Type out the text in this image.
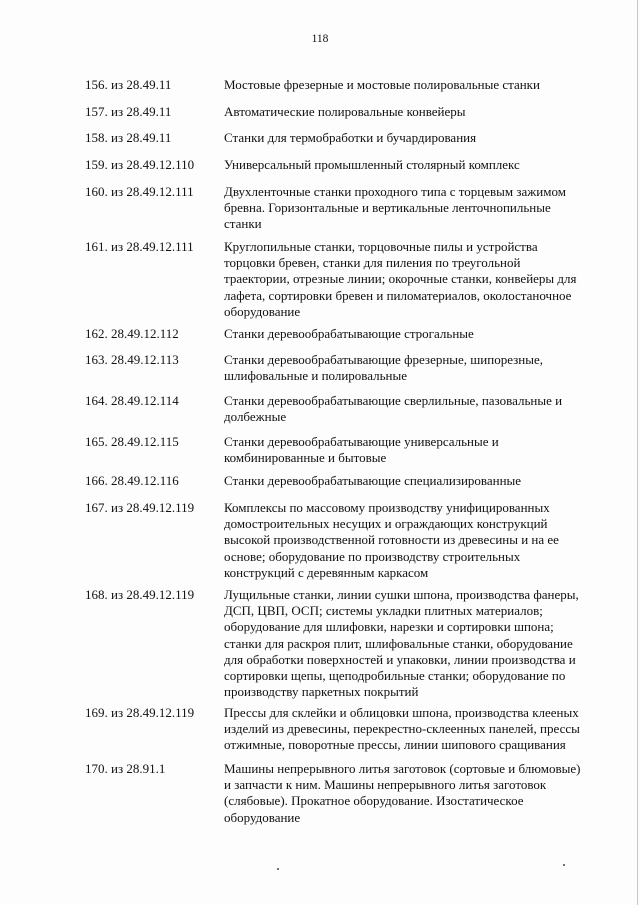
118
156. из 28.49.11	Мостовые фрезерные и мостовые полировальные станки
157. из 28.49.11	Автоматические полировальные конвейеры
158. из 28.49.11	Станки для термобработки и бучардирования
159. из 28.49.12.110 Универсальный промышленный столярный комплекс
160. из 28.49.12.111 Двухленточные станки проходного типа с торцевым зажимом
бревна. Горизонтальные и вертикальные ленточнопильные
станки
161. из 28.49.12.111 Круглопильные станки, торцовочные пилы и устройства
торцовки бревен, станки для пиления по треугольной
траектории, отрезные линии; окорочные станки, конвейеры для
лафета, сортировки бревен и пиломатериалов, околостаночное
оборудование
162. 28.49.12.112	Станки деревообрабатывающие строгальные
163. 28.49.12.113	Станки деревообрабатывающие фрезерные, шипорезные,
шлифовальные и полировальные
164. 28.49.12.114	Станки деревообрабатывающие сверлильные, пазовальные и
долбежные
165. 28.49.12.115	Станки деревообрабатывающие универсальные и
комбинированные и бытовые
166. 28.49.12.116	Станки деревообрабатывающие специализированные
167. из 28.49.12.119 Комплексы по массовому производству унифицированных
домостроительных несущих и ограждающих конструкций
высокой производственной готовности из древесины и на ее
основе; оборудование по производству строительных
конструкций с деревянным каркасом
168. из 28.49.12.119 Лущильные станки, линии сушки шпона, производства фанеры,
ДСП, ЦВП, ОСП; системы укладки плитных материалов;
оборудование для шлифовки, нарезки и сортировки шпона;
станки для раскроя плит, шлифовальные станки, оборудование
для обработки поверхностей и упаковки, линии производства и
сортировки щепы, щеподробильные станки; оборудование по
производству паркетных покрытий
169. из 28.49.12.119 Прессы для склейки и облицовки шпона, производства клееных
изделий из древесины, перекрестно-склеенных панелей, прессы
отжимные, поворотные прессы, линии шипового сращивания
170. из 28.91.1	Машины непрерывного литья заготовок (сортовые и блюмовые)
и запчасти к ним. Машины непрерывного литья заготовок
(слябовые). Прокатное оборудование. Изостатическое
оборудование
